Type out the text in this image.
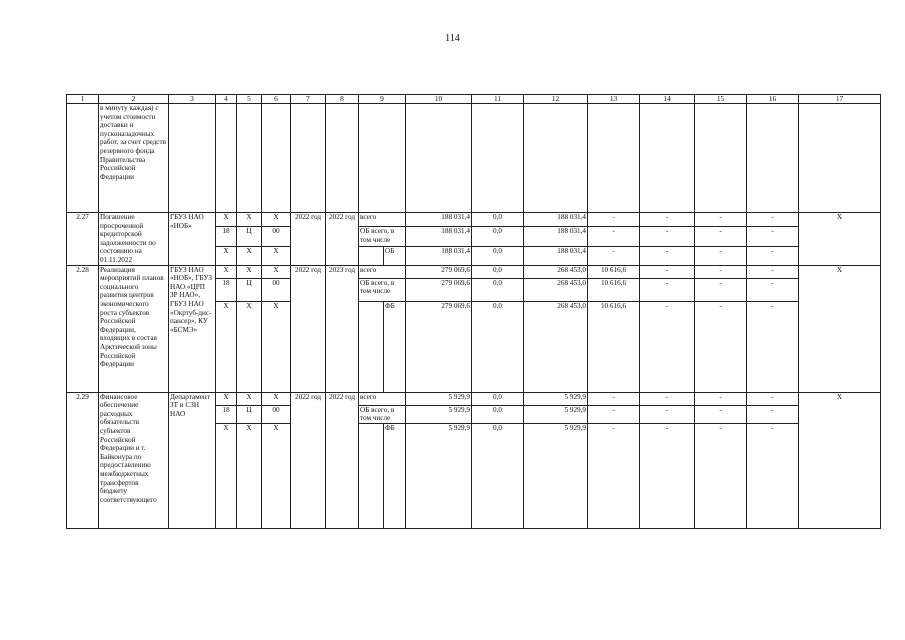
114
1	2	3	4	5	6	7	8	9		10	11	12	13	14	15	16	17
	в минуту каждая) с учетом стоимости доставки и пусконаладочных работ, за счет средств резервного фонда Правительства Российской Федерации																
2.27	Погашение просроченной кредиторской задолженности по состоянию на 01.11.2022	ГБУЗ НАО «НОБ»	X	X	X	2022 год	2022 год	всего		188 031,4	0,0	188 031,4	-	-	-	-	X
			18	Ц	00			ОБ всего, в том числе		188 031,4	0,0	188 031,4	-	-	-	-	
			X	X	X				ОБ	188 031,4	0,0	188 031,4	-	-	-	-	
2.28	Реализация мероприятий планов социального развития центров экономического роста субъектов Российской Федерации, входящих в состав Арктической зоны Российской Федерации	ГБУЗ НАО «НОБ», ГБУЗ НАО «ЦРП ЗР НАО», ГБУЗ НАО «Окртуб-дис-пансер», КУ «БСМЭ»	X	X	X	2022 год	2023 год	всего		279 069,6	0,0	268 453,0	10 616,6	-	-	-	X
			18	Ц	00			ОБ всего, в том числе		279 069,6	0,0	268 453,0	10 616,6	-	-	-	
			X	X	X				ФБ	279 069,6	0,0	268 453,0	10 616,6	-	-	-	
2.29	Финансовое обеспечение расходных обязательств субъектов Российской Федерации и г. Байконура по предоставлению межбюджетных трансфертов бюджету соответствующего	Департамент ЗТ и СЗН НАО	X	X	X	2022 год	2022 год	всего		5 929,9	0,0	5 929,9	-	-	-	-	X
			18	Ц	00			ОБ всего, в том числе		5 929,9	0,0	5 929,9	-	-	-	-	
			X	X	X				ФБ	5 929,9	0,0	5 929,9	-	-	-	-	
